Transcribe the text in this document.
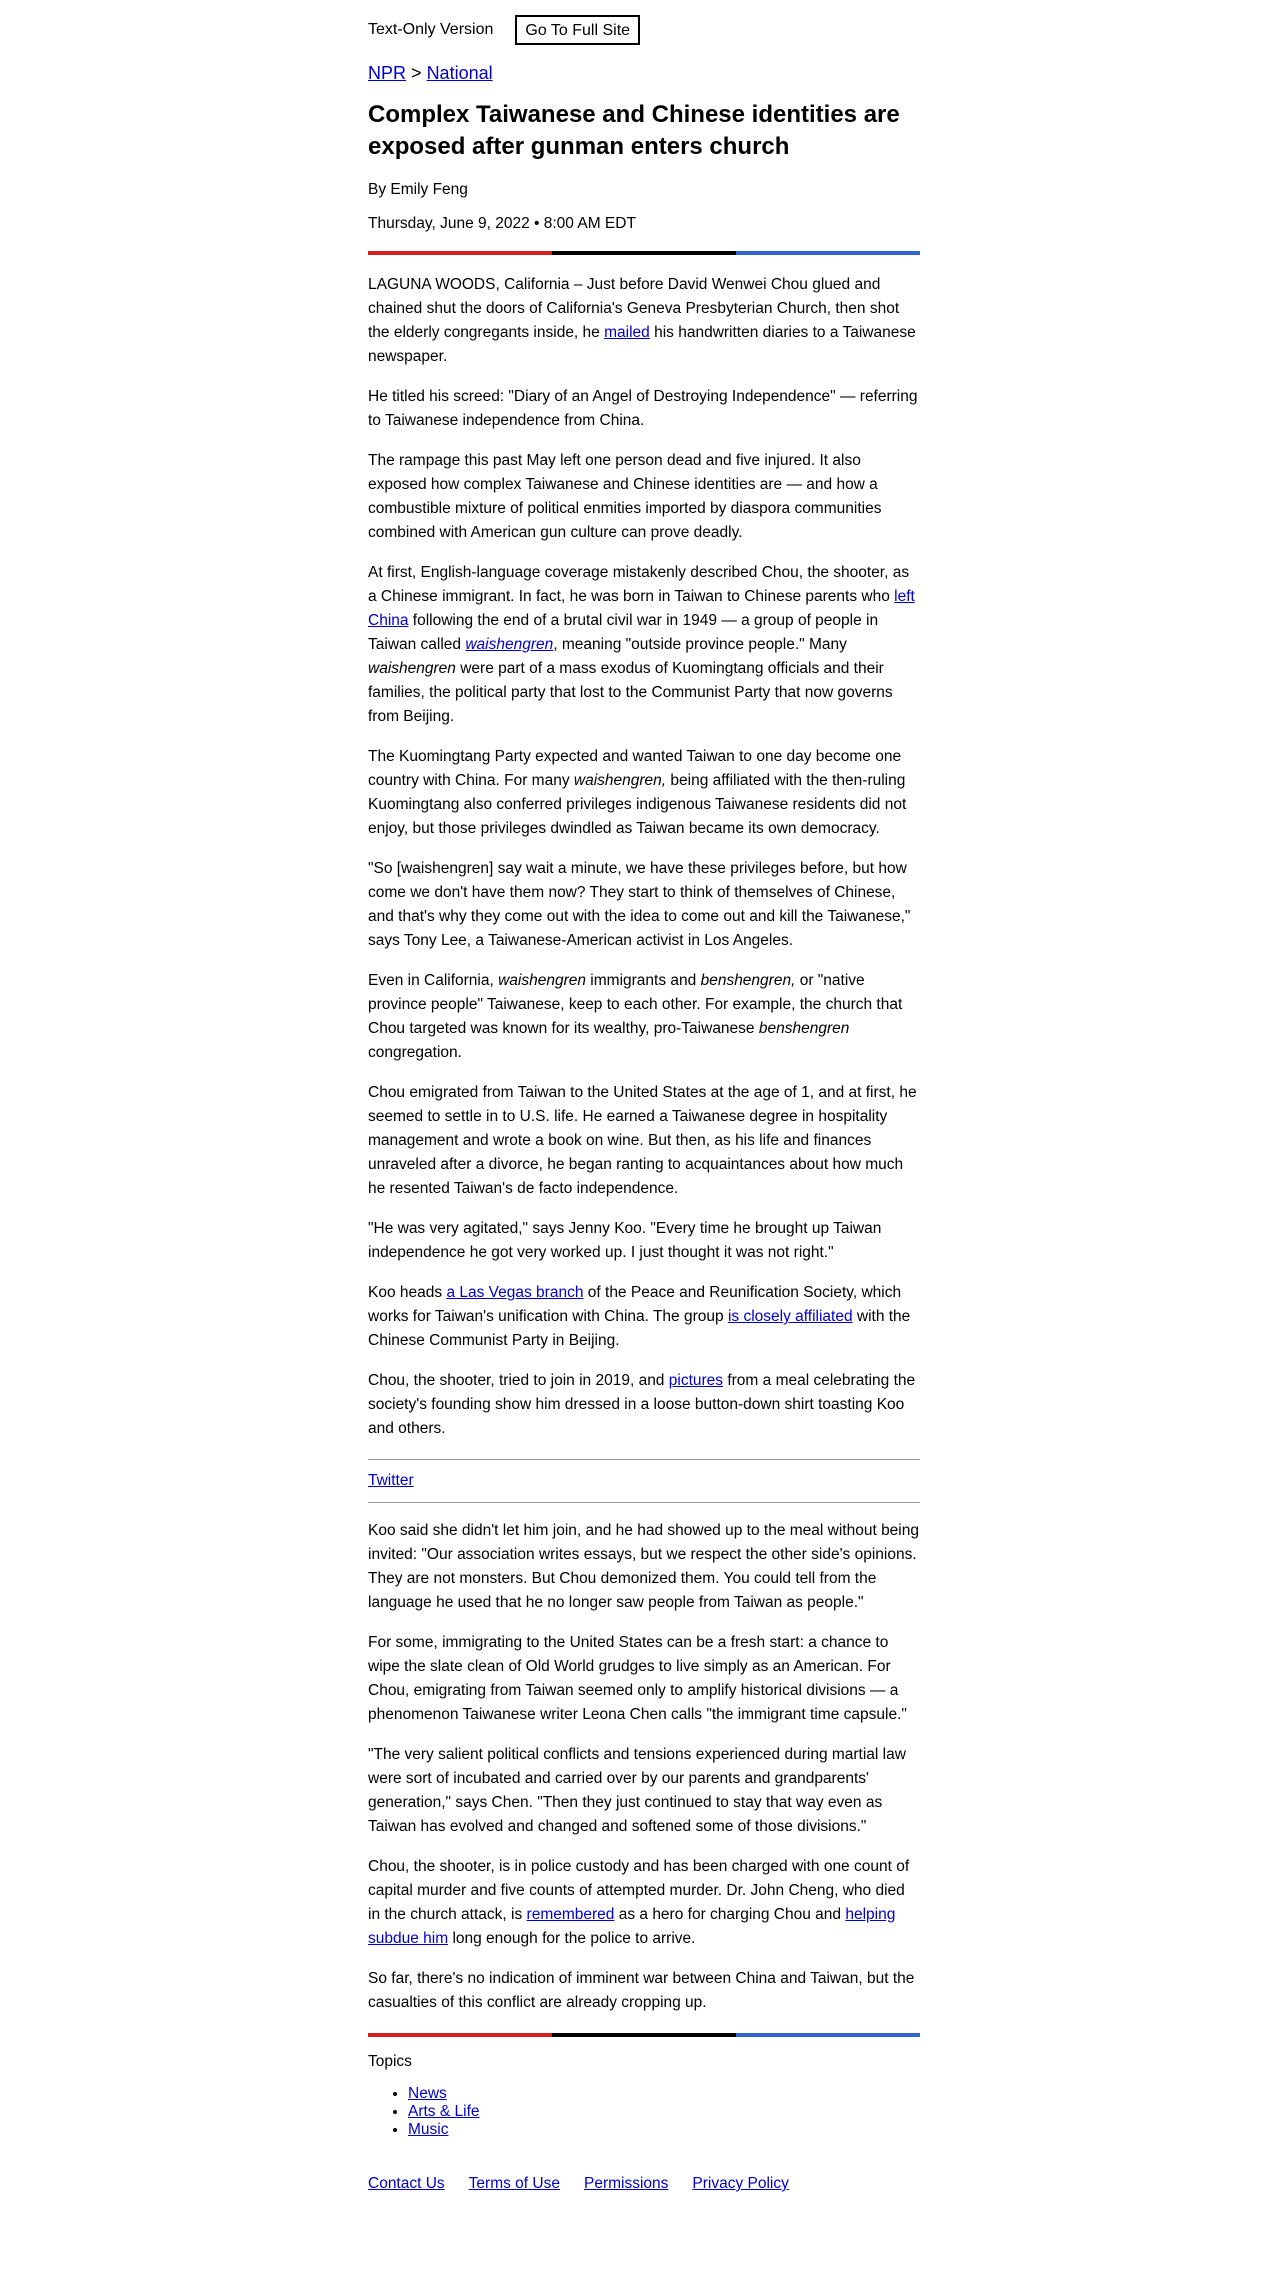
Text-Only Version	Go To Full Site
NPR > National
Complex Taiwanese and Chinese identities are exposed after gunman enters church
By Emily Feng
Thursday, June 9, 2022 • 8:00 AM EDT

LAGUNA WOODS, California – Just before David Wenwei Chou glued and chained shut the doors of California's Geneva Presbyterian Church, then shot the elderly congregants inside, he mailed his handwritten diaries to a Taiwanese newspaper.

He titled his screed: "Diary of an Angel of Destroying Independence" — referring to Taiwanese independence from China.

The rampage this past May left one person dead and five injured. It also exposed how complex Taiwanese and Chinese identities are — and how a combustible mixture of political enmities imported by diaspora communities combined with American gun culture can prove deadly.

At first, English-language coverage mistakenly described Chou, the shooter, as a Chinese immigrant. In fact, he was born in Taiwan to Chinese parents who left China following the end of a brutal civil war in 1949 — a group of people in Taiwan called waishengren, meaning "outside province people." Many waishengren were part of a mass exodus of Kuomingtang officials and their families, the political party that lost to the Communist Party that now governs from Beijing.

The Kuomingtang Party expected and wanted Taiwan to one day become one country with China. For many waishengren, being affiliated with the then-ruling Kuomingtang also conferred privileges indigenous Taiwanese residents did not enjoy, but those privileges dwindled as Taiwan became its own democracy.

"So [waishengren] say wait a minute, we have these privileges before, but how come we don't have them now? They start to think of themselves of Chinese, and that's why they come out with the idea to come out and kill the Taiwanese," says Tony Lee, a Taiwanese-American activist in Los Angeles.

Even in California, waishengren immigrants and benshengren, or "native province people" Taiwanese, keep to each other. For example, the church that Chou targeted was known for its wealthy, pro-Taiwanese benshengren congregation.

Chou emigrated from Taiwan to the United States at the age of 1, and at first, he seemed to settle in to U.S. life. He earned a Taiwanese degree in hospitality management and wrote a book on wine. But then, as his life and finances unraveled after a divorce, he began ranting to acquaintances about how much he resented Taiwan's de facto independence.

"He was very agitated," says Jenny Koo. "Every time he brought up Taiwan independence he got very worked up. I just thought it was not right."

Koo heads a Las Vegas branch of the Peace and Reunification Society, which works for Taiwan's unification with China. The group is closely affiliated with the Chinese Communist Party in Beijing.

Chou, the shooter, tried to join in 2019, and pictures from a meal celebrating the society's founding show him dressed in a loose button-down shirt toasting Koo and others.

Twitter

Koo said she didn't let him join, and he had showed up to the meal without being invited: "Our association writes essays, but we respect the other side's opinions. They are not monsters. But Chou demonized them. You could tell from the language he used that he no longer saw people from Taiwan as people."

For some, immigrating to the United States can be a fresh start: a chance to wipe the slate clean of Old World grudges to live simply as an American. For Chou, emigrating from Taiwan seemed only to amplify historical divisions — a phenomenon Taiwanese writer Leona Chen calls "the immigrant time capsule."

"The very salient political conflicts and tensions experienced during martial law were sort of incubated and carried over by our parents and grandparents' generation," says Chen. "Then they just continued to stay that way even as Taiwan has evolved and changed and softened some of those divisions."

Chou, the shooter, is in police custody and has been charged with one count of capital murder and five counts of attempted murder. Dr. John Cheng, who died in the church attack, is remembered as a hero for charging Chou and helping subdue him long enough for the police to arrive.

So far, there's no indication of imminent war between China and Taiwan, but the casualties of this conflict are already cropping up.

Topics
• News
• Arts & Life
• Music
Contact Us Terms of Use Permissions Privacy Policy
